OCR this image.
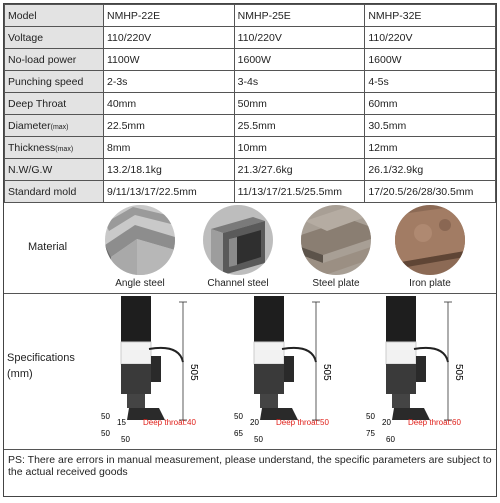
Model	NMHP-22E	NMHP-25E	NMHP-32E
Voltage	110/220V	110/220V	110/220V
No-load power	1100W	1600W	1600W
Punching speed	2-3s	3-4s	4-5s
Deep Throat	40mm	50mm	60mm
Diameter(max)	22.5mm	25.5mm	30.5mm
Thickness(max)	8mm	10mm	12mm
N.W/G.W	13.2/18.1kg	21.3/27.6kg	26.1/32.9kg
Standard mold	9/11/13/17/22.5mm	11/13/17/21.5/25.5mm	17/20.5/26/28/30.5mm
Material
Angle steel	Channel steel	Steel plate	Iron plate
Specifications
(mm)	505
50
15
50
50
Deep throat:40
505
50
20
65
50
Deep throat:50
505
50
20
75
60
Deep throat:60
PS: There are errors in manual measurement, please understand, the specific parameters are subject to the actual received goods
